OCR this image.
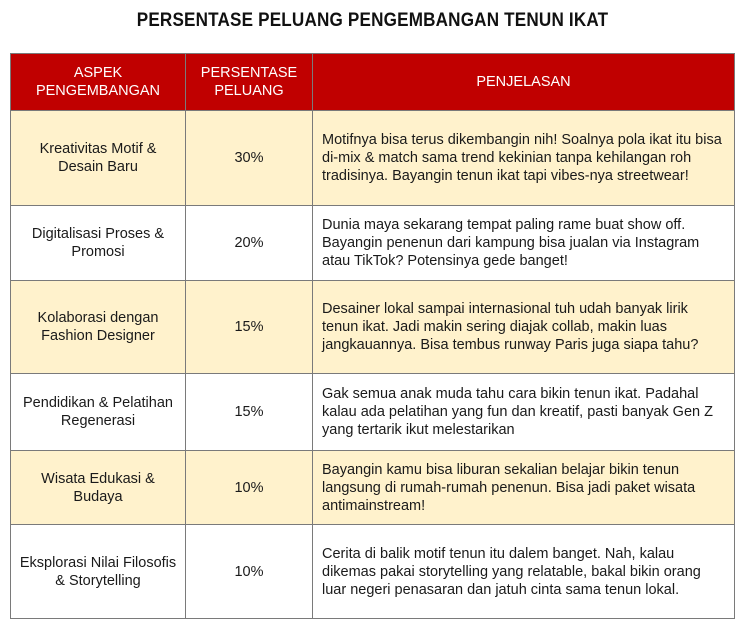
PERSENTASE PELUANG PENGEMBANGAN TENUN IKAT
ASPEK PENGEMBANGAN	PERSENTASE PELUANG	PENJELASAN
Kreativitas Motif & Desain Baru	30%	Motifnya bisa terus dikembangin nih! Soalnya pola ikat itu bisa di-mix & match sama trend kekinian tanpa kehilangan roh tradisinya. Bayangin tenun ikat tapi vibes-nya streetwear!
Digitalisasi Proses & Promosi	20%	Dunia maya sekarang tempat paling rame buat show off. Bayangin penenun dari kampung bisa jualan via Instagram atau TikTok? Potensinya gede banget!
Kolaborasi dengan Fashion Designer	15%	Desainer lokal sampai internasional tuh udah banyak lirik tenun ikat. Jadi makin sering diajak collab, makin luas jangkauannya. Bisa tembus runway Paris juga siapa tahu?
Pendidikan & Pelatihan Regenerasi	15%	Gak semua anak muda tahu cara bikin tenun ikat. Padahal kalau ada pelatihan yang fun dan kreatif, pasti banyak Gen Z yang tertarik ikut melestarikan
Wisata Edukasi & Budaya	10%	Bayangin kamu bisa liburan sekalian belajar bikin tenun langsung di rumah-rumah penenun. Bisa jadi paket wisata antimainstream!
Eksplorasi Nilai Filosofis & Storytelling	10%	Cerita di balik motif tenun itu dalem banget. Nah, kalau dikemas pakai storytelling yang relatable, bakal bikin orang luar negeri penasaran dan jatuh cinta sama tenun lokal.
